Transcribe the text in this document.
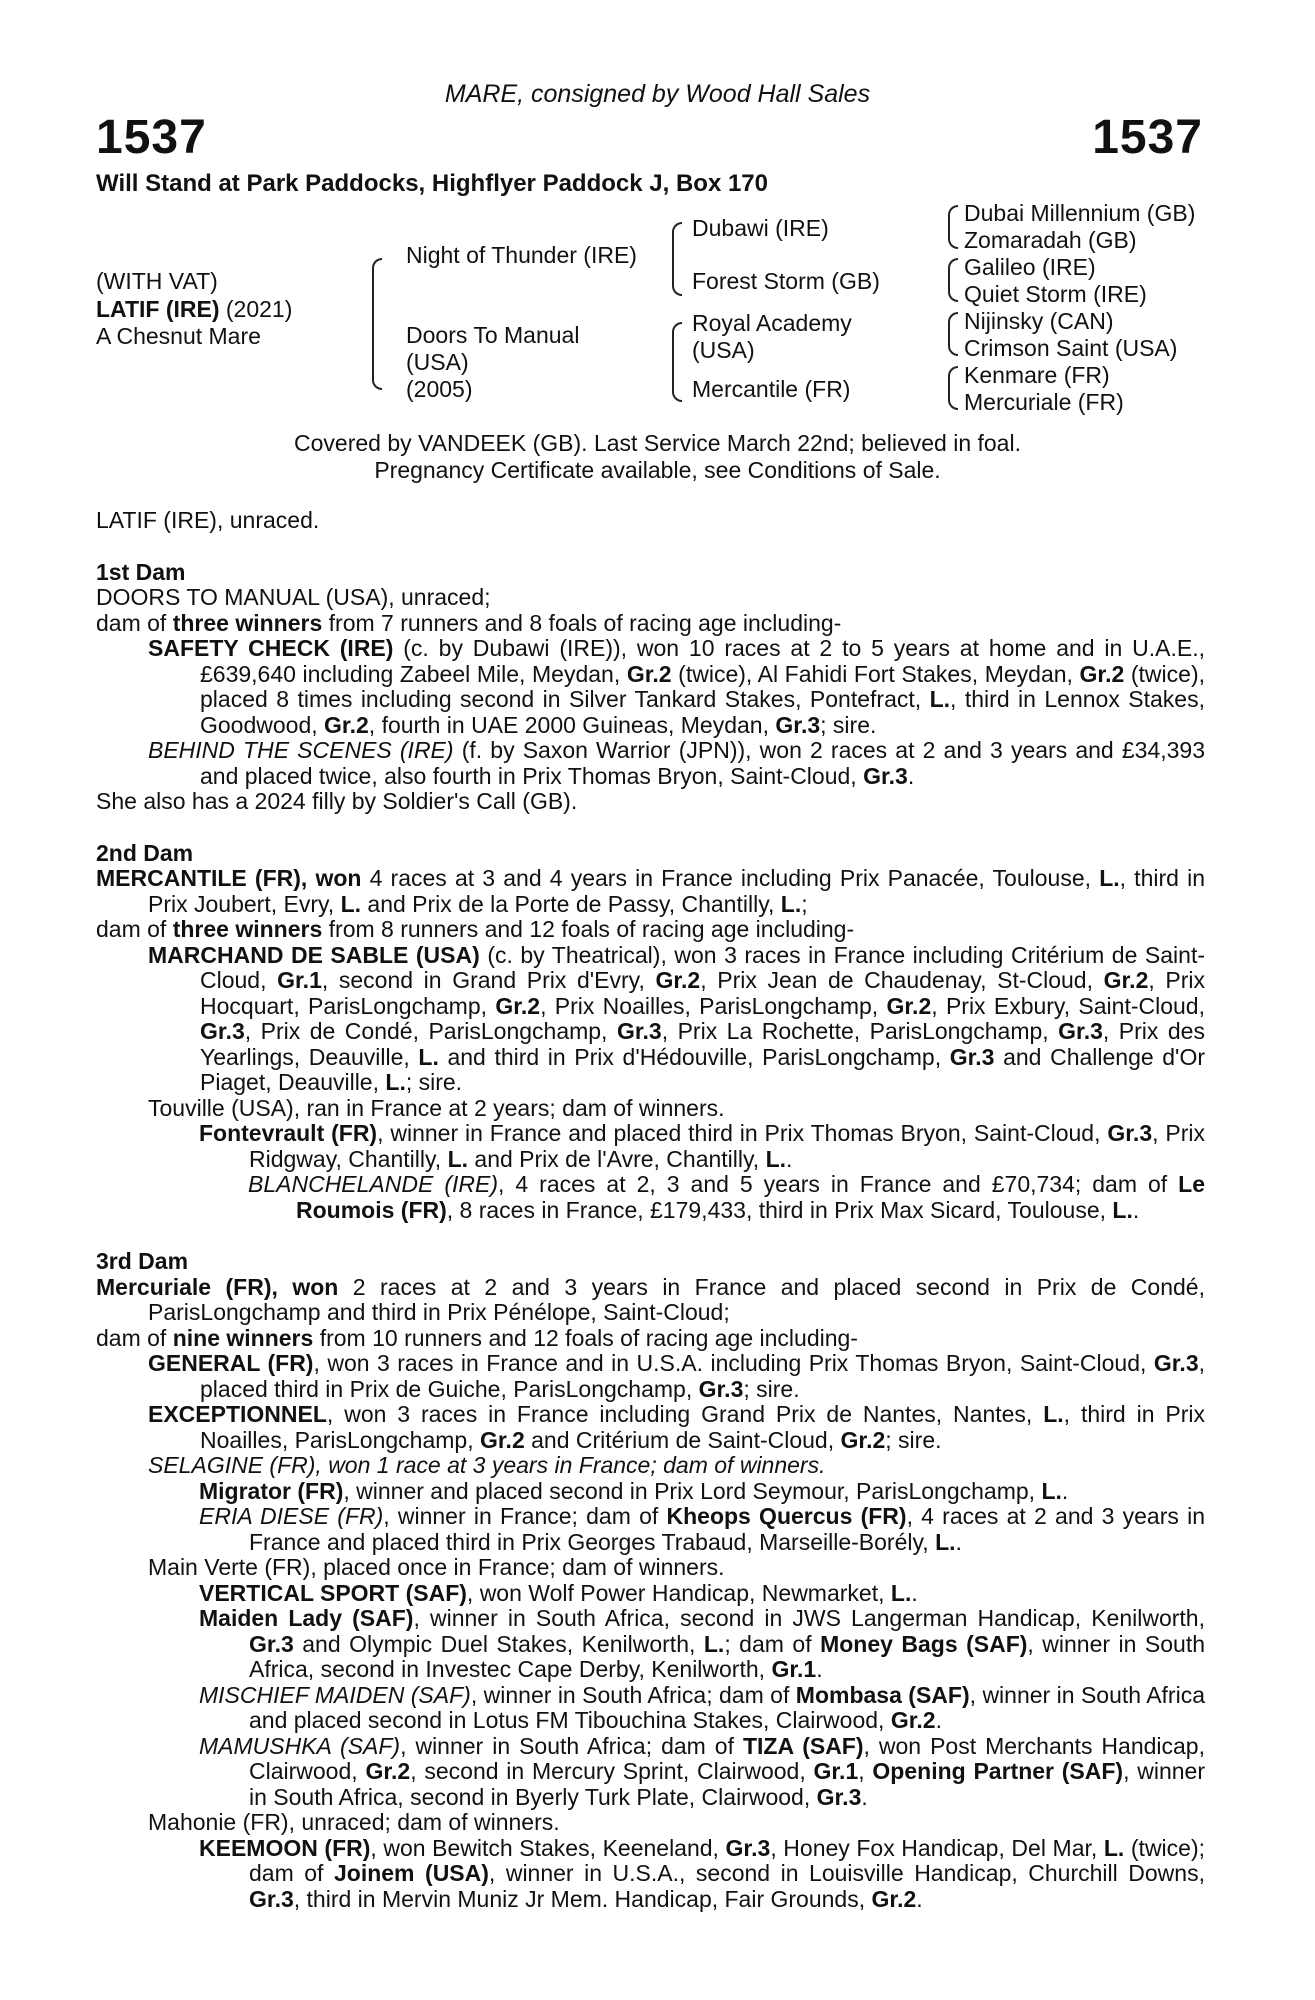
MARE, consigned by Wood Hall Sales
1537	1537
Will Stand at Park Paddocks, Highflyer Paddock J, Box 170
(WITH VAT)
LATIF (IRE) (2021)
A Chesnut Mare
Night of Thunder (IRE)
Doors To Manual
(USA)
(2005)
Dubawi (IRE)
Forest Storm (GB)
Royal Academy
(USA)
Mercantile (FR)
Dubai Millennium (GB)
Zomaradah (GB)
Galileo (IRE)
Quiet Storm (IRE)
Nijinsky (CAN)
Crimson Saint (USA)
Kenmare (FR)
Mercuriale (FR)
Covered by VANDEEK (GB). Last Service March 22nd; believed in foal.
Pregnancy Certificate available, see Conditions of Sale.

LATIF (IRE), unraced.

1st Dam

DOORS TO MANUAL (USA), unraced;

dam of three winners from 7 runners and 8 foals of racing age including-

SAFETY CHECK (IRE) (c. by Dubawi (IRE)), won 10 races at 2 to 5 years at home and in U.A.E., £639,640 including Zabeel Mile, Meydan, Gr.2 (twice), Al Fahidi Fort Stakes, Meydan, Gr.2 (twice), placed 8 times including second in Silver Tankard Stakes, Pontefract, L., third in Lennox Stakes, Goodwood, Gr.2, fourth in UAE 2000 Guineas, Meydan, Gr.3; sire.

BEHIND THE SCENES (IRE) (f. by Saxon Warrior (JPN)), won 2 races at 2 and 3 years and £34,393 and placed twice, also fourth in Prix Thomas Bryon, Saint-Cloud, Gr.3.

She also has a 2024 filly by Soldier's Call (GB).

2nd Dam

MERCANTILE (FR), won 4 races at 3 and 4 years in France including Prix Panacée, Toulouse, L., third in Prix Joubert, Evry, L. and Prix de la Porte de Passy, Chantilly, L.;

dam of three winners from 8 runners and 12 foals of racing age including-

MARCHAND DE SABLE (USA) (c. by Theatrical), won 3 races in France including Critérium de Saint-Cloud, Gr.1, second in Grand Prix d'Evry, Gr.2, Prix Jean de Chaudenay, St-Cloud, Gr.2, Prix Hocquart, ParisLongchamp, Gr.2, Prix Noailles, ParisLongchamp, Gr.2, Prix Exbury, Saint-Cloud, Gr.3, Prix de Condé, ParisLongchamp, Gr.3, Prix La Rochette, ParisLongchamp, Gr.3, Prix des Yearlings, Deauville, L. and third in Prix d'Hédouville, ParisLongchamp, Gr.3 and Challenge d'Or Piaget, Deauville, L.; sire.

Touville (USA), ran in France at 2 years; dam of winners.

Fontevrault (FR), winner in France and placed third in Prix Thomas Bryon, Saint-Cloud, Gr.3, Prix Ridgway, Chantilly, L. and Prix de l'Avre, Chantilly, L..

BLANCHELANDE (IRE), 4 races at 2, 3 and 5 years in France and £70,734; dam of Le Roumois (FR), 8 races in France, £179,433, third in Prix Max Sicard, Toulouse, L..

3rd Dam

Mercuriale (FR), won 2 races at 2 and 3 years in France and placed second in Prix de Condé, ParisLongchamp and third in Prix Pénélope, Saint-Cloud;

dam of nine winners from 10 runners and 12 foals of racing age including-

GENERAL (FR), won 3 races in France and in U.S.A. including Prix Thomas Bryon, Saint-Cloud, Gr.3, placed third in Prix de Guiche, ParisLongchamp, Gr.3; sire.

EXCEPTIONNEL, won 3 races in France including Grand Prix de Nantes, Nantes, L., third in Prix Noailles, ParisLongchamp, Gr.2 and Critérium de Saint-Cloud, Gr.2; sire.

SELAGINE (FR), won 1 race at 3 years in France; dam of winners.

Migrator (FR), winner and placed second in Prix Lord Seymour, ParisLongchamp, L..

ERIA DIESE (FR), winner in France; dam of Kheops Quercus (FR), 4 races at 2 and 3 years in France and placed third in Prix Georges Trabaud, Marseille-Borély, L..

Main Verte (FR), placed once in France; dam of winners.

VERTICAL SPORT (SAF), won Wolf Power Handicap, Newmarket, L..

Maiden Lady (SAF), winner in South Africa, second in JWS Langerman Handicap, Kenilworth, Gr.3 and Olympic Duel Stakes, Kenilworth, L.; dam of Money Bags (SAF), winner in South Africa, second in Investec Cape Derby, Kenilworth, Gr.1.

MISCHIEF MAIDEN (SAF), winner in South Africa; dam of Mombasa (SAF), winner in South Africa and placed second in Lotus FM Tibouchina Stakes, Clairwood, Gr.2.

MAMUSHKA (SAF), winner in South Africa; dam of TIZA (SAF), won Post Merchants Handicap, Clairwood, Gr.2, second in Mercury Sprint, Clairwood, Gr.1, Opening Partner (SAF), winner in South Africa, second in Byerly Turk Plate, Clairwood, Gr.3.

Mahonie (FR), unraced; dam of winners.

KEEMOON (FR), won Bewitch Stakes, Keeneland, Gr.3, Honey Fox Handicap, Del Mar, L. (twice); dam of Joinem (USA), winner in U.S.A., second in Louisville Handicap, Churchill Downs, Gr.3, third in Mervin Muniz Jr Mem. Handicap, Fair Grounds, Gr.2.
